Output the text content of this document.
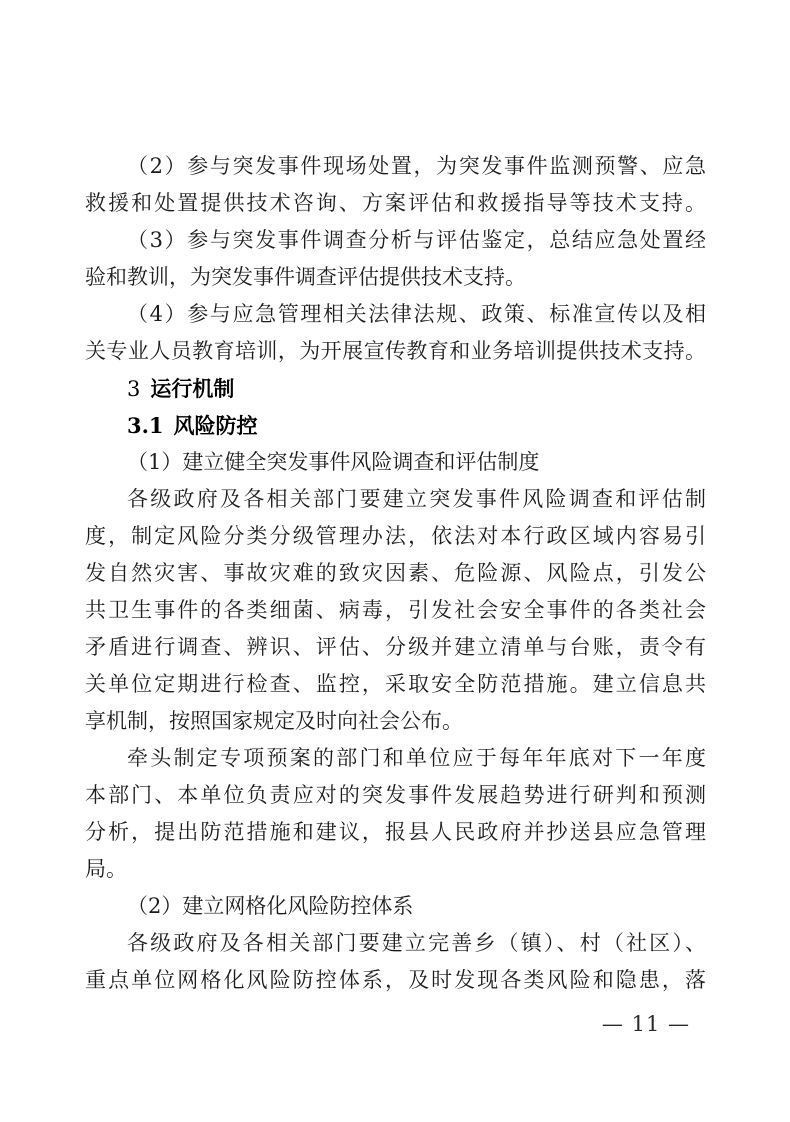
（2）参与突发事件现场处置，为突发事件监测预警、应急
救援和处置提供技术咨询、方案评估和救援指导等技术支持。
（3）参与突发事件调查分析与评估鉴定，总结应急处置经
验和教训，为突发事件调查评估提供技术支持。
（4）参与应急管理相关法律法规、政策、标准宣传以及相
关专业人员教育培训，为开展宣传教育和业务培训提供技术支持。
3 运行机制
3.1 风险防控
（1）建立健全突发事件风险调查和评估制度
各级政府及各相关部门要建立突发事件风险调查和评估制
度，制定风险分类分级管理办法，依法对本行政区域内容易引
发自然灾害、事故灾难的致灾因素、危险源、风险点，引发公
共卫生事件的各类细菌、病毒，引发社会安全事件的各类社会
矛盾进行调查、辨识、评估、分级并建立清单与台账，责令有
关单位定期进行检查、监控，采取安全防范措施。建立信息共
享机制，按照国家规定及时向社会公布。
牵头制定专项预案的部门和单位应于每年年底对下一年度
本部门、本单位负责应对的突发事件发展趋势进行研判和预测
分析，提出防范措施和建议，报县人民政府并抄送县应急管理
局。
（2）建立网格化风险防控体系
各级政府及各相关部门要建立完善乡（镇）、村（社区）、
重点单位网格化风险防控体系，及时发现各类风险和隐患，落
— 11 —
